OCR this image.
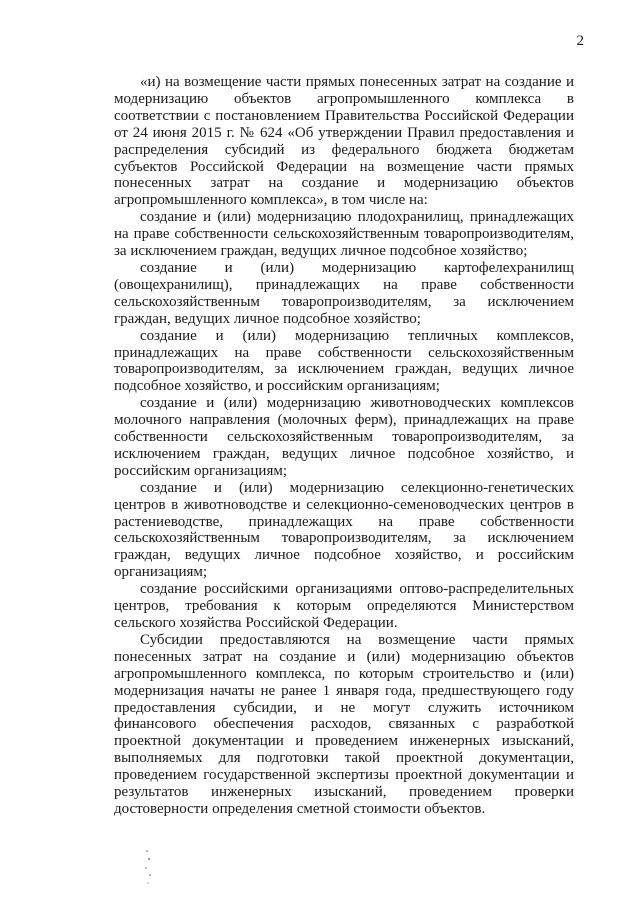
2

«и) на возмещение части прямых понесенных затрат на создание и модернизацию объектов агропромышленного комплекса в соответствии с постановлением Правительства Российской Федерации от 24 июня 2015 г. № 624 «Об утверждении Правил предоставления и распределения субсидий из федерального бюджета бюджетам субъектов Российской Федерации на возмещение части прямых понесенных затрат на создание и модернизацию объектов агропромышленного комплекса», в том числе на:

создание и (или) модернизацию плодохранилищ, принадлежащих на праве собственности сельскохозяйственным товаропроизводителям, за исключением граждан, ведущих личное подсобное хозяйство;

создание и (или) модернизацию картофелехранилищ (овощехранилищ), принадлежащих на праве собственности сельскохозяйственным товаропроизводителям, за исключением граждан, ведущих личное подсобное хозяйство;

создание и (или) модернизацию тепличных комплексов, принадлежащих на праве собственности сельскохозяйственным товаропроизводителям, за исключением граждан, ведущих личное подсобное хозяйство, и российским организациям;

создание и (или) модернизацию животноводческих комплексов молочного направления (молочных ферм), принадлежащих на праве собственности сельскохозяйственным товаропроизводителям, за исключением граждан, ведущих личное подсобное хозяйство, и российским организациям;

создание и (или) модернизацию селекционно-генетических центров в животноводстве и селекционно-семеноводческих центров в растениеводстве, принадлежащих на праве собственности сельскохозяйственным товаропроизводителям, за исключением граждан, ведущих личное подсобное хозяйство, и российским организациям;

создание российскими организациями оптово-распределительных центров, требования к которым определяются Министерством сельского хозяйства Российской Федерации.

Субсидии предоставляются на возмещение части прямых понесенных затрат на создание и (или) модернизацию объектов агропромышленного комплекса, по которым строительство и (или) модернизация начаты не ранее 1 января года, предшествующего году предоставления субсидии, и не могут служить источником финансового обеспечения расходов, связанных с разработкой проектной документации и проведением инженерных изысканий, выполняемых для подготовки такой проектной документации, проведением государственной экспертизы проектной документации и результатов инженерных изысканий, проведением проверки достоверности определения сметной стоимости объектов.
